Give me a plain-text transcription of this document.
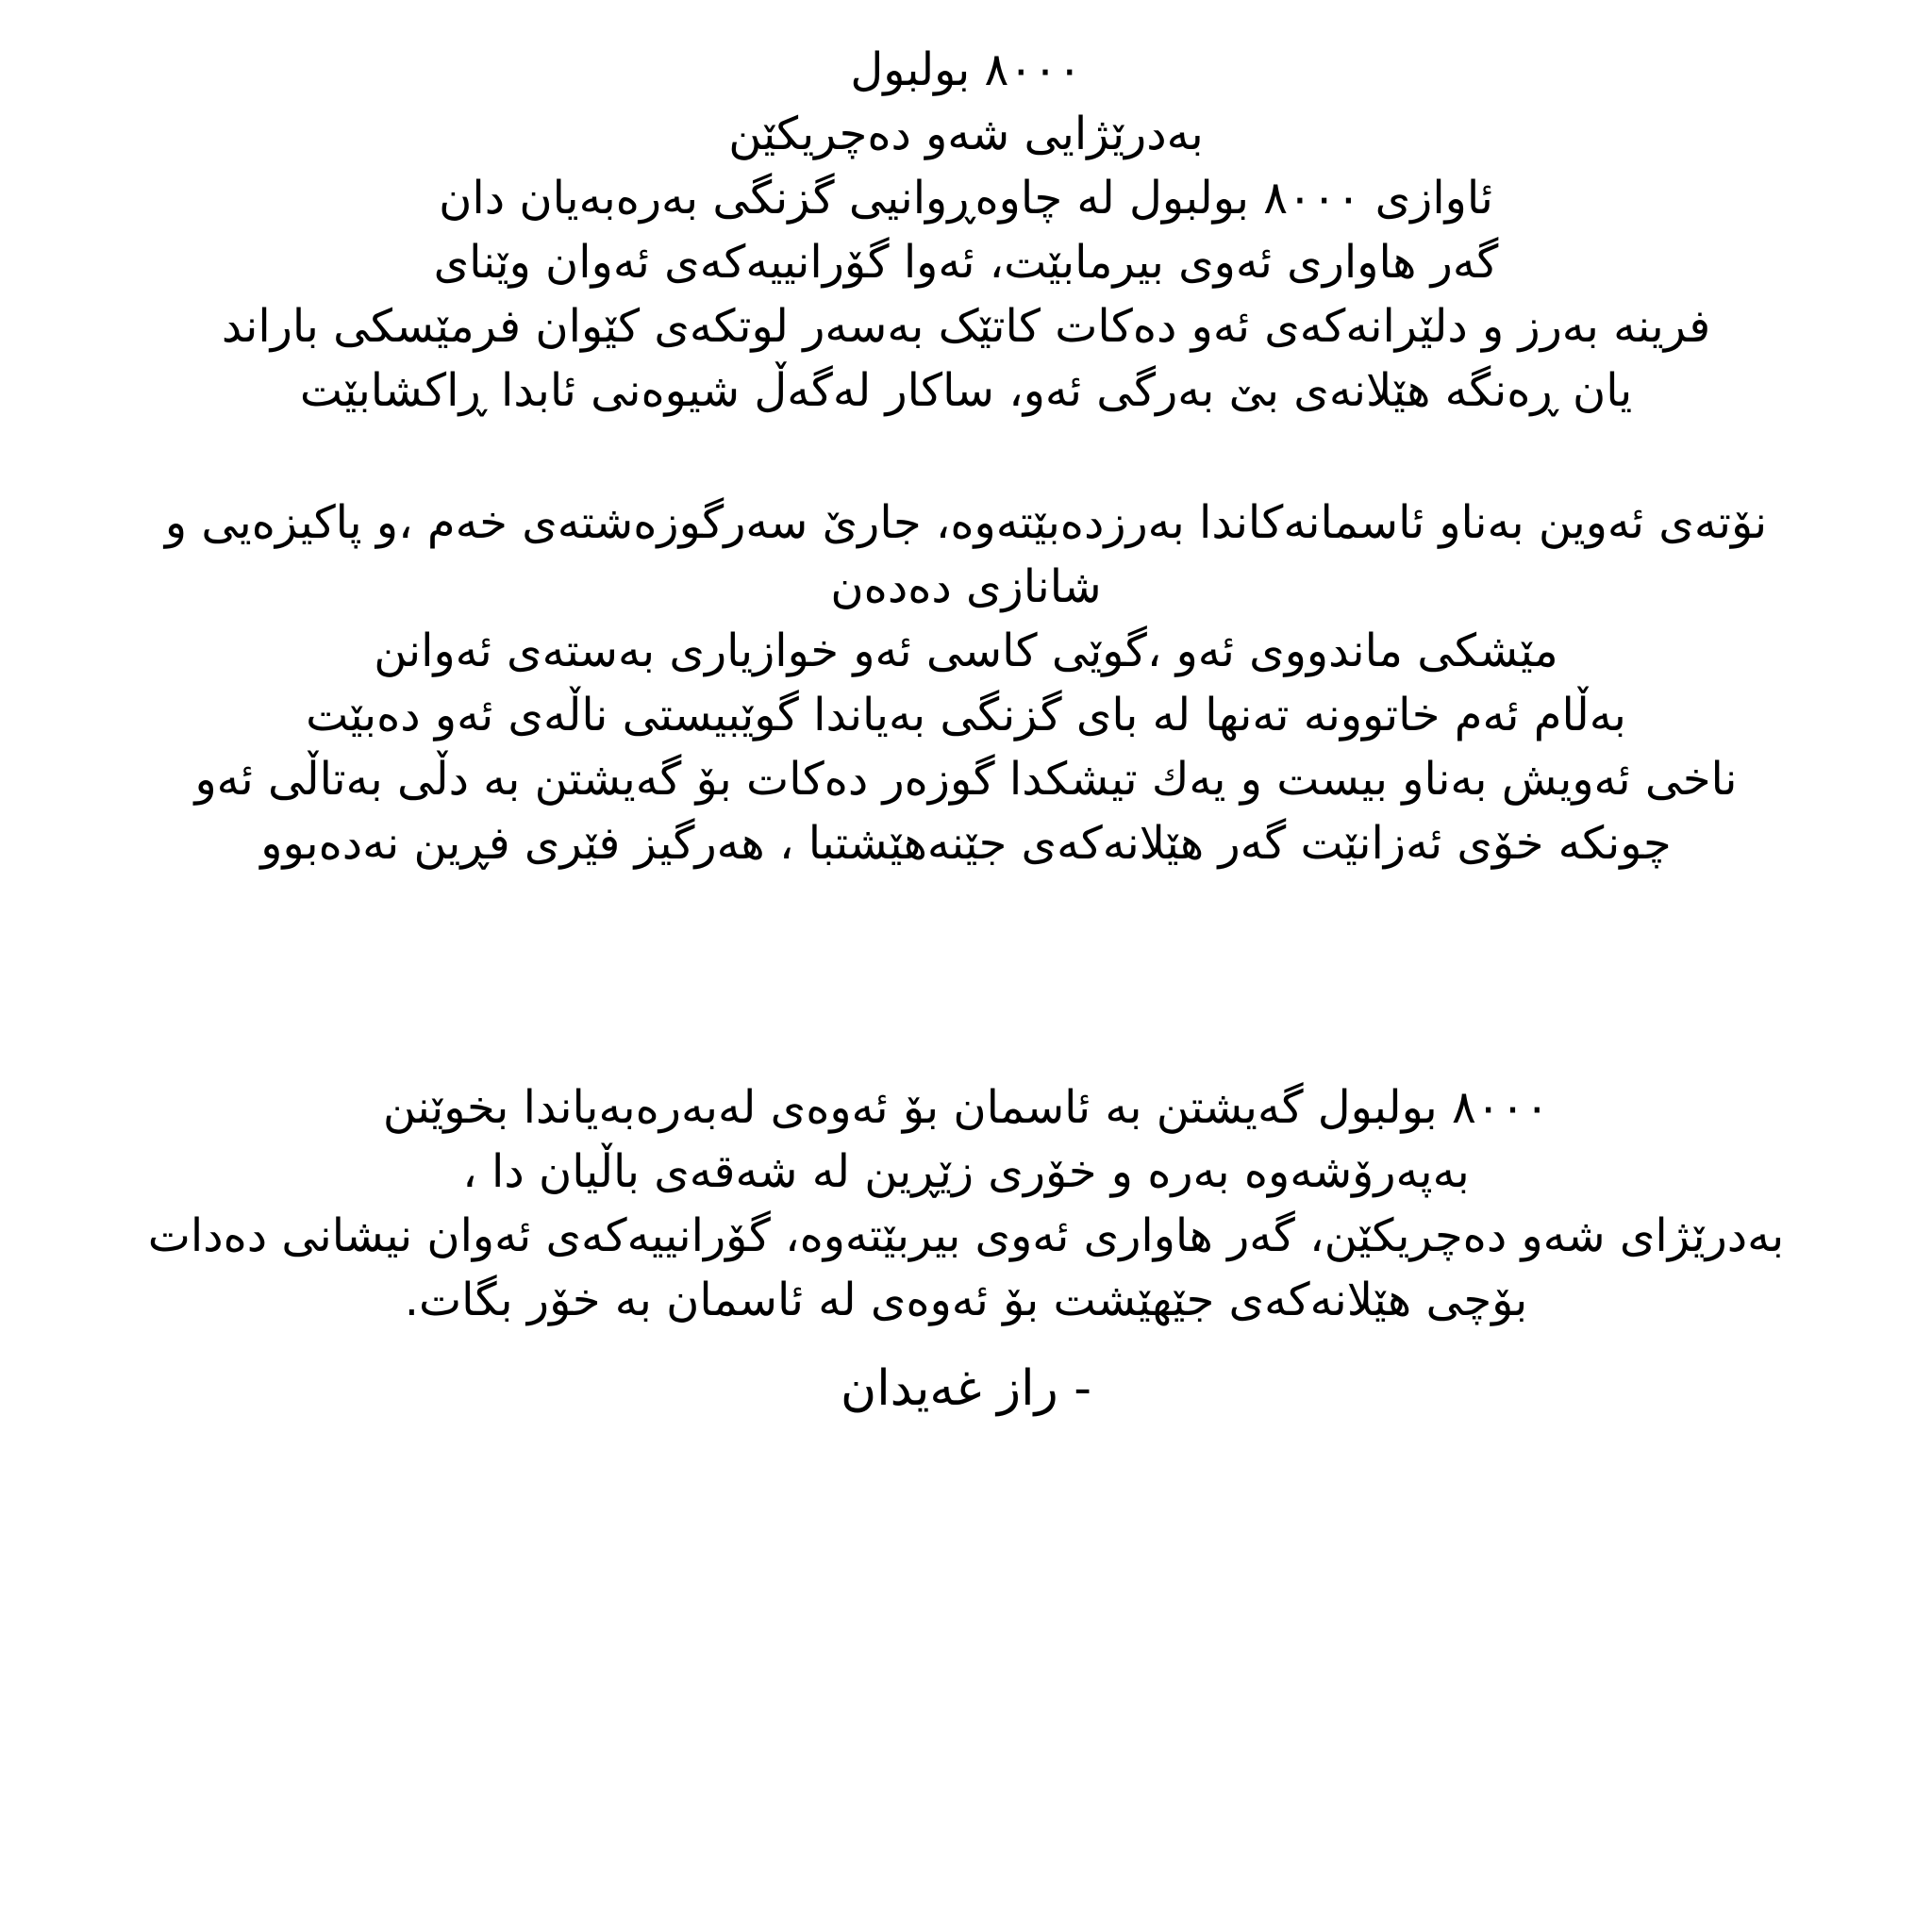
٨٠٠٠ بولبول
بەدرێژایی شەو دەچریکێن
ئاوازی ٨٠٠٠ بولبول لە چاوەڕوانیی گزنگی بەرەبەیان دان
گەر هاواری ئەوی بیرمابێت، ئەوا گۆرانییەکەی ئەوان وێنای
فرینە بەرز و دلێرانەکەی ئەو دەکات کاتێک بەسەر لوتکەی کێوان فرمێسکی باراند
یان ڕەنگە هێلانەی بێ بەرگی ئەو، ساکار لەگەڵ شیوەنی ئابدا ڕاکشابێت
نۆتەی ئەوین بەناو ئاسمانەکاندا بەرزدەبێتەوە، جارێ سەرگوزەشتەی خەم ،و پاکیزەیی و شانازی دەدەن
مێشکی ماندووی ئەو ،گوێی کاسی ئەو خوازیاری بەستەی ئەوانن
بەڵام ئەم خاتوونە تەنها لە بای گزنگی بەیاندا گوێبیستی ناڵەی ئەو دەبێت
ناخی ئەویش بەناو بیست و یەك تیشکدا گوزەر دەکات بۆ گەیشتن بە دڵی بەتاڵی ئەو
چونکە خۆی ئەزانێت گەر هێلانەکەی جێنەهێشتبا ، هەرگیز فێری فڕین نەدەبوو
٨٠٠٠ بولبول گەیشتن بە ئاسمان بۆ ئەوەی لەبەرەبەیاندا بخوێنن
بەپەرۆشەوە بەرە و خۆری زێڕین لە شەقەی باڵیان دا ،
بەدرێژای شەو دەچریکێن، گەر هاواری ئەوی بیربێتەوە، گۆرانییەکەی ئەوان نیشانی دەدات
بۆچی هێلانەکەی جێهێشت بۆ ئەوەی لە ئاسمان بە خۆر بگات.
- راز غەیدان
